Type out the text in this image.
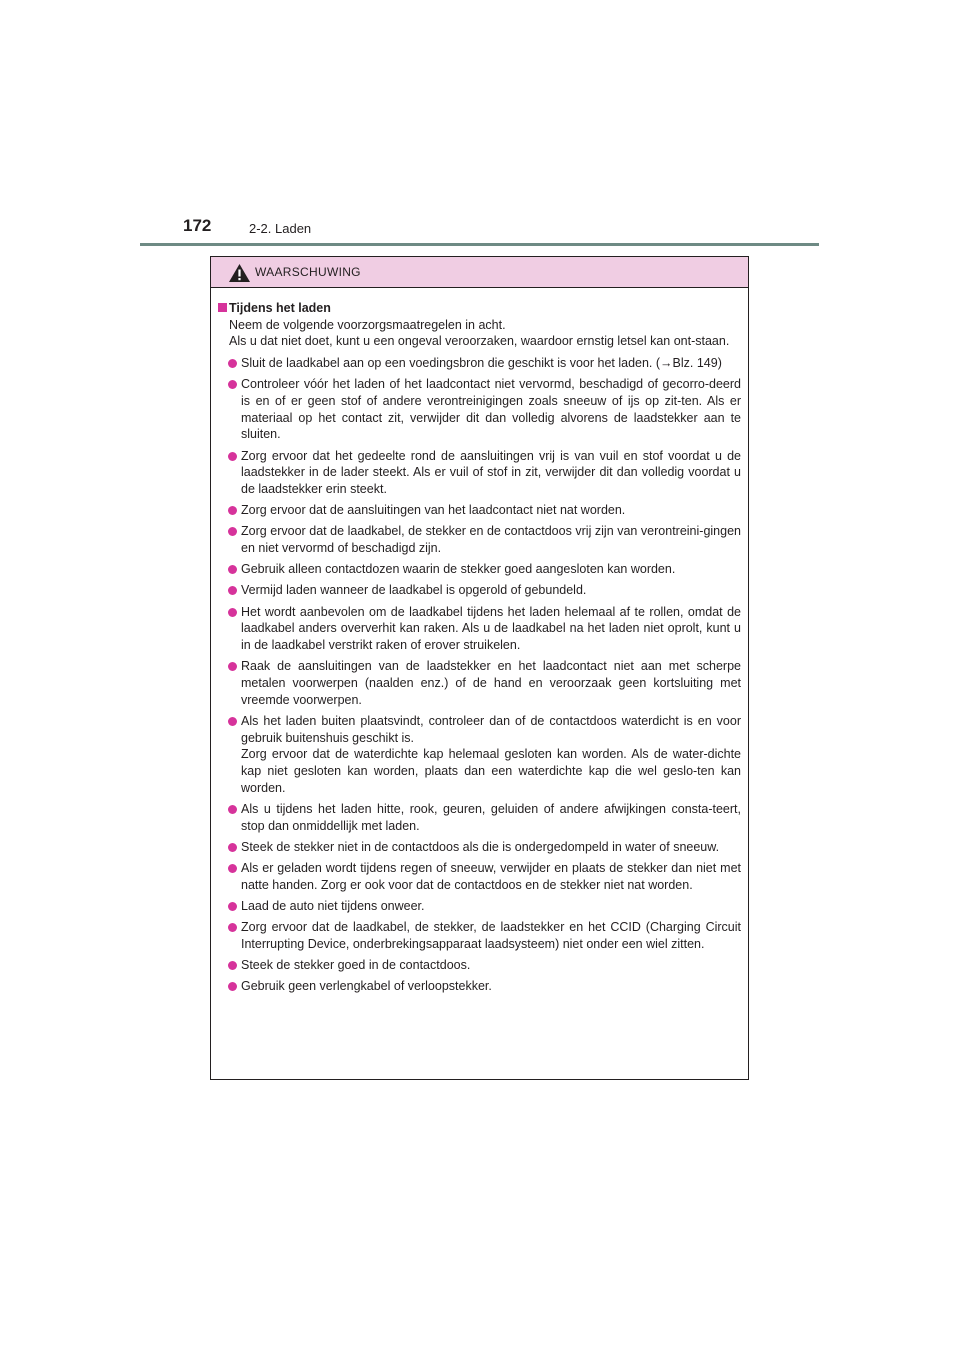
172	2-2. Laden
WAARSCHUWING
Tijdens het laden
Neem de volgende voorzorgsmaatregelen in acht.
Als u dat niet doet, kunt u een ongeval veroorzaken, waardoor ernstig letsel kan ont-staan.
Sluit de laadkabel aan op een voedingsbron die geschikt is voor het laden. (→Blz. 149)
Controleer vóór het laden of het laadcontact niet vervormd, beschadigd of gecorro-deerd is en of er geen stof of andere verontreinigingen zoals sneeuw of ijs op zit-ten. Als er materiaal op het contact zit, verwijder dit dan volledig alvorens de laadstekker aan te sluiten.
Zorg ervoor dat het gedeelte rond de aansluitingen vrij is van vuil en stof voordat u de laadstekker in de lader steekt. Als er vuil of stof in zit, verwijder dit dan volledig voordat u de laadstekker erin steekt.
Zorg ervoor dat de aansluitingen van het laadcontact niet nat worden.
Zorg ervoor dat de laadkabel, de stekker en de contactdoos vrij zijn van verontreini-gingen en niet vervormd of beschadigd zijn.
Gebruik alleen contactdozen waarin de stekker goed aangesloten kan worden.
Vermijd laden wanneer de laadkabel is opgerold of gebundeld.
Het wordt aanbevolen om de laadkabel tijdens het laden helemaal af te rollen, omdat de laadkabel anders oververhit kan raken. Als u de laadkabel na het laden niet oprolt, kunt u in de laadkabel verstrikt raken of erover struikelen.
Raak de aansluitingen van de laadstekker en het laadcontact niet aan met scherpe metalen voorwerpen (naalden enz.) of de hand en veroorzaak geen kortsluiting met vreemde voorwerpen.
Als het laden buiten plaatsvindt, controleer dan of de contactdoos waterdicht is en voor gebruik buitenshuis geschikt is.
Zorg ervoor dat de waterdichte kap helemaal gesloten kan worden. Als de water-dichte kap niet gesloten kan worden, plaats dan een waterdichte kap die wel geslo-ten kan worden.
Als u tijdens het laden hitte, rook, geuren, geluiden of andere afwijkingen consta-teert, stop dan onmiddellijk met laden.
Steek de stekker niet in de contactdoos als die is ondergedompeld in water of sneeuw.
Als er geladen wordt tijdens regen of sneeuw, verwijder en plaats de stekker dan niet met natte handen. Zorg er ook voor dat de contactdoos en de stekker niet nat worden.
Laad de auto niet tijdens onweer.
Zorg ervoor dat de laadkabel, de stekker, de laadstekker en het CCID (Charging Circuit Interrupting Device, onderbrekingsapparaat laadsysteem) niet onder een wiel zitten.
Steek de stekker goed in de contactdoos.
Gebruik geen verlengkabel of verloopstekker.
